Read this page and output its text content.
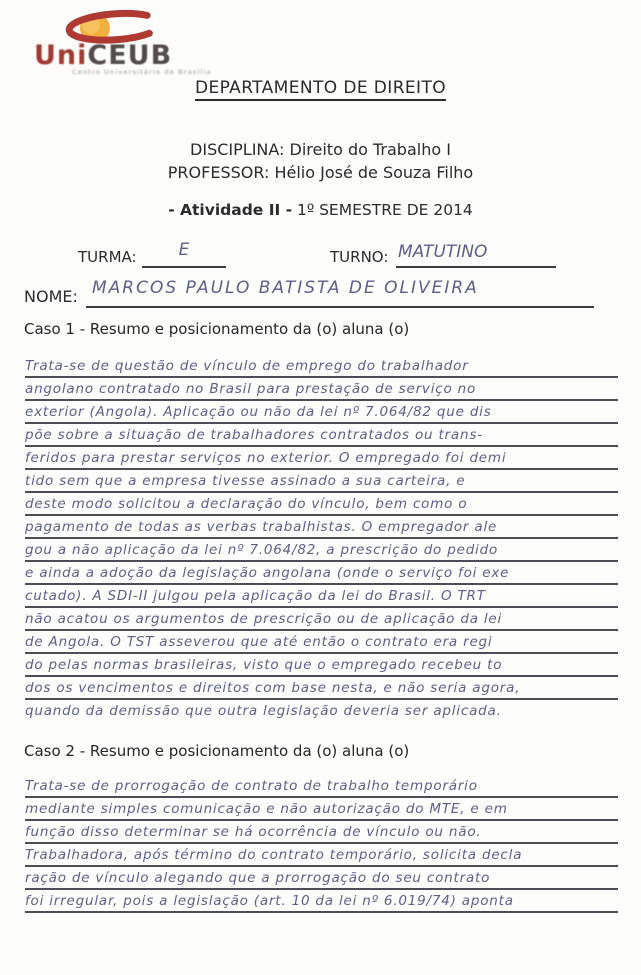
UniCEUB
Centro Universitário de Brasília
DEPARTAMENTO DE DIREITO
DISCIPLINA: Direito do Trabalho I
PROFESSOR: Hélio José de Souza Filho
- Atividade II - 1º SEMESTRE DE 2014
TURMA:	E	TURNO: MATUTINO
NOME: MARCOS PAULO BATISTA DE OLIVEIRA
Caso 1 - Resumo e posicionamento da (o) aluna (o)
Trata-se de questão de vínculo de emprego do trabalhador
angolano contratado no Brasil para prestação de serviço no
exterior (Angola). Aplicação ou não da lei nº 7.064/82 que dis
põe sobre a situação de trabalhadores contratados ou trans-
feridos para prestar serviços no exterior. O empregado foi demi
tido sem que a empresa tivesse assinado a sua carteira, e
deste modo solicitou a declaração do vínculo, bem como o
pagamento de todas as verbas trabalhistas. O empregador ale
gou a não aplicação da lei nº 7.064/82, a prescrição do pedido
e ainda a adoção da legislação angolana (onde o serviço foi exe
cutado). A SDI-II julgou pela aplicação da lei do Brasil. O TRT
não acatou os argumentos de prescrição ou de aplicação da lei
de Angola. O TST asseverou que até então o contrato era regi
do pelas normas brasileiras, visto que o empregado recebeu to
dos os vencimentos e direitos com base nesta, e não seria agora,
quando da demissão que outra legislação deveria ser aplicada.
Caso 2 - Resumo e posicionamento da (o) aluna (o)
Trata-se de prorrogação de contrato de trabalho temporário
mediante simples comunicação e não autorização do MTE, e em
função disso determinar se há ocorrência de vínculo ou não.
Trabalhadora, após término do contrato temporário, solicita decla
ração de vínculo alegando que a prorrogação do seu contrato
foi irregular, pois a legislação (art. 10 da lei nº 6.019/74) aponta
